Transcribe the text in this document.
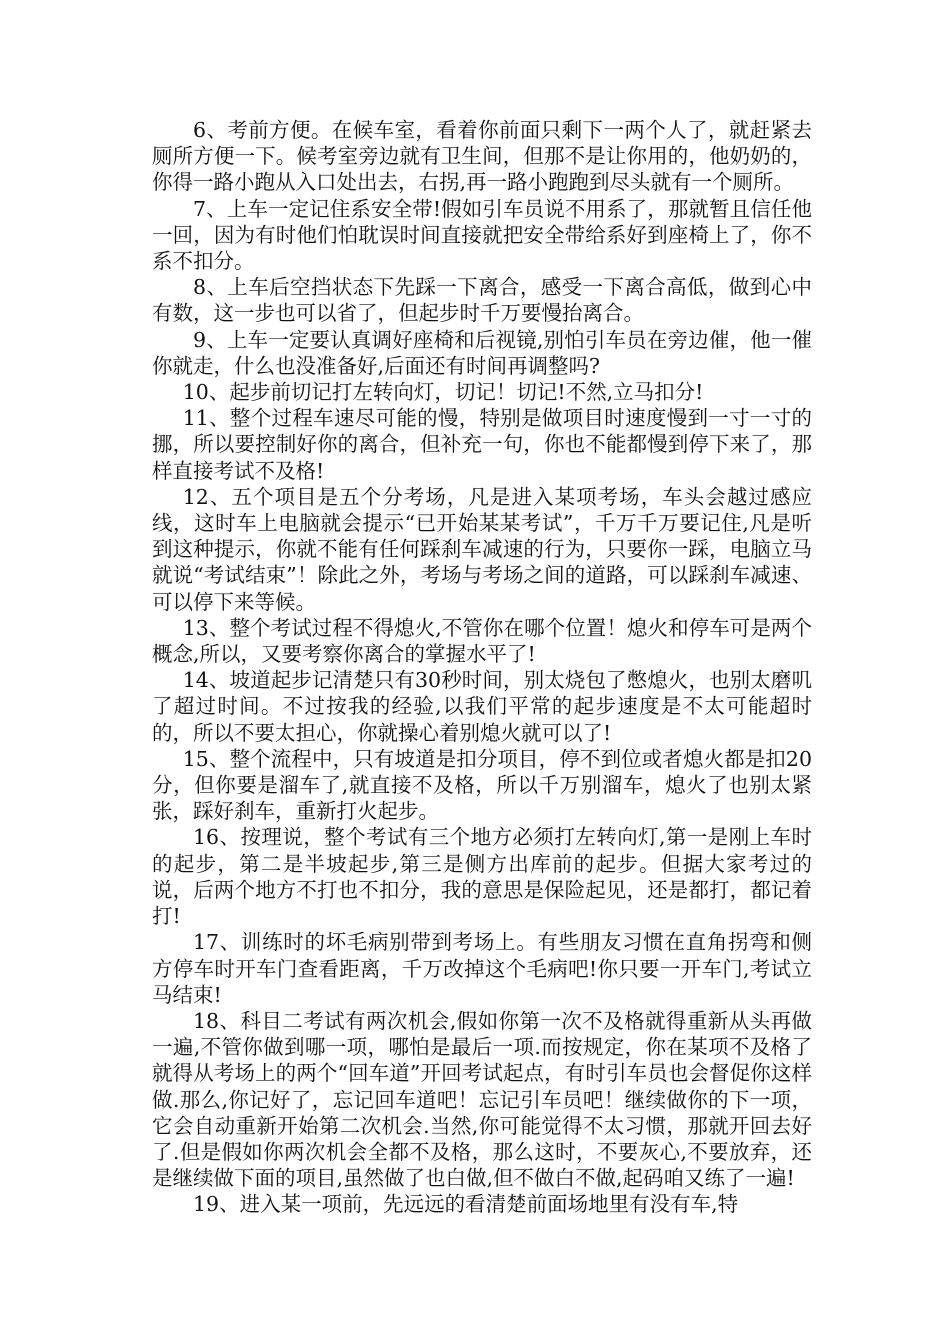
6、考前方便。在候车室，看着你前面只剩下一两个人了，就赶紧去厕所方便一下。候考室旁边就有卫生间，但那不是让你用的，他奶奶的，你得一路小跑从入口处出去，右拐,再一路小跑跑到尽头就有一个厕所。

7、上车一定记住系安全带!假如引车员说不用系了，那就暂且信任他一回，因为有时他们怕耽误时间直接就把安全带给系好到座椅上了，你不系不扣分。

8、上车后空挡状态下先踩一下离合，感受一下离合高低，做到心中有数，这一步也可以省了，但起步时千万要慢抬离合。

9、上车一定要认真调好座椅和后视镜,别怕引车员在旁边催，他一催你就走，什么也没准备好,后面还有时间再调整吗?

10、起步前切记打左转向灯，切记！切记!不然,立马扣分!

11、整个过程车速尽可能的慢，特别是做项目时速度慢到一寸一寸的挪，所以要控制好你的离合，但补充一句，你也不能都慢到停下来了，那样直接考试不及格!

12、五个项目是五个分考场，凡是进入某项考场，车头会越过感应线，这时车上电脑就会提示“已开始某某考试”，千万千万要记住,凡是听到这种提示，你就不能有任何踩刹车减速的行为，只要你一踩，电脑立马就说“考试结束”！除此之外，考场与考场之间的道路，可以踩刹车减速、可以停下来等候。

13、整个考试过程不得熄火,不管你在哪个位置！熄火和停车可是两个概念,所以，又要考察你离合的掌握水平了!

14、坡道起步记清楚只有30秒时间，别太烧包了憋熄火，也别太磨叽了超过时间。不过按我的经验,以我们平常的起步速度是不太可能超时的，所以不要太担心，你就操心着别熄火就可以了!

15、整个流程中，只有坡道是扣分项目，停不到位或者熄火都是扣20分，但你要是溜车了,就直接不及格，所以千万别溜车，熄火了也别太紧张，踩好刹车，重新打火起步。

16、按理说，整个考试有三个地方必须打左转向灯,第一是刚上车时的起步，第二是半坡起步,第三是侧方出库前的起步。但据大家考过的说，后两个地方不打也不扣分，我的意思是保险起见，还是都打，都记着打!

17、训练时的坏毛病别带到考场上。有些朋友习惯在直角拐弯和侧方停车时开车门查看距离，千万改掉这个毛病吧!你只要一开车门,考试立马结束!

18、科目二考试有两次机会,假如你第一次不及格就得重新从头再做一遍,不管你做到哪一项，哪怕是最后一项.而按规定，你在某项不及格了就得从考场上的两个“回车道”开回考试起点，有时引车员也会督促你这样做.那么,你记好了，忘记回车道吧！忘记引车员吧！继续做你的下一项，它会自动重新开始第二次机会.当然,你可能觉得不太习惯，那就开回去好了.但是假如你两次机会全都不及格，那么这时，不要灰心,不要放弃，还是继续做下面的项目,虽然做了也白做,但不做白不做,起码咱又练了一遍!

19、进入某一项前，先远远的看清楚前面场地里有没有车,特
